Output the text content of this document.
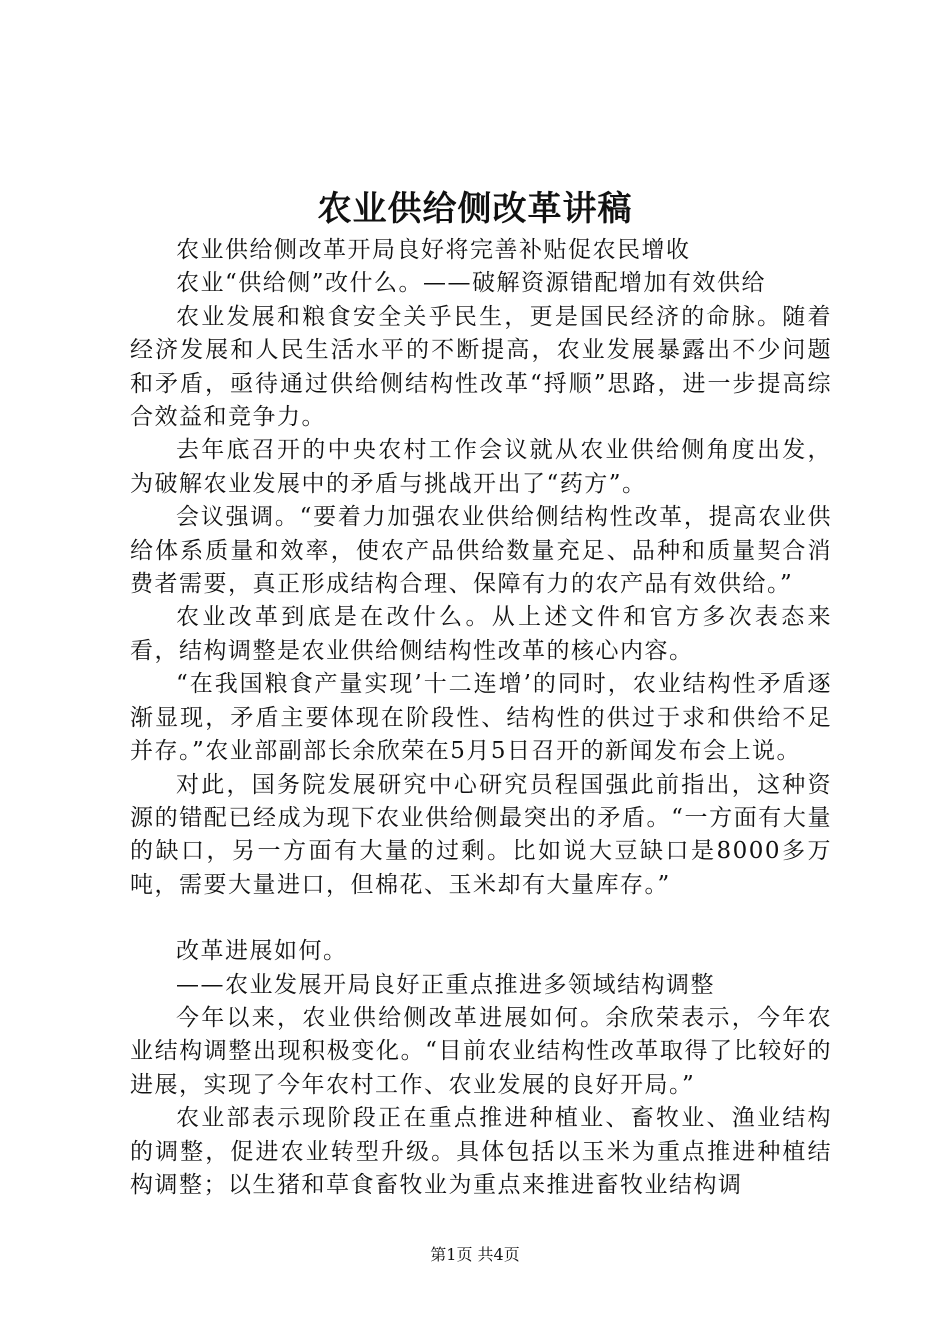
农业供给侧改革讲稿

农业供给侧改革开局良好将完善补贴促农民增收

农业“供给侧”改什么。——破解资源错配增加有效供给

农业发展和粮食安全关乎民生，更是国民经济的命脉。随着经济发展和人民生活水平的不断提高，农业发展暴露出不少问题和矛盾，亟待通过供给侧结构性改革“捋顺”思路，进一步提高综合效益和竞争力。

去年底召开的中央农村工作会议就从农业供给侧角度出发，为破解农业发展中的矛盾与挑战开出了“药方”。

会议强调。“要着力加强农业供给侧结构性改革，提高农业供给体系质量和效率，使农产品供给数量充足、品种和质量契合消费者需要，真正形成结构合理、保障有力的农产品有效供给。”

农业改革到底是在改什么。从上述文件和官方多次表态来看，结构调整是农业供给侧结构性改革的核心内容。

“在我国粮食产量实现’十二连增’的同时，农业结构性矛盾逐渐显现，矛盾主要体现在阶段性、结构性的供过于求和供给不足并存。”农业部副部长余欣荣在5月5日召开的新闻发布会上说。

对此，国务院发展研究中心研究员程国强此前指出，这种资源的错配已经成为现下农业供给侧最突出的矛盾。“一方面有大量的缺口，另一方面有大量的过剩。比如说大豆缺口是8000多万吨，需要大量进口，但棉花、玉米却有大量库存。”

改革进展如何。

——农业发展开局良好正重点推进多领域结构调整

今年以来，农业供给侧改革进展如何。余欣荣表示，今年农业结构调整出现积极变化。“目前农业结构性改革取得了比较好的进展，实现了今年农村工作、农业发展的良好开局。”

农业部表示现阶段正在重点推进种植业、畜牧业、渔业结构的调整，促进农业转型升级。具体包括以玉米为重点推进种植结构调整；以生猪和草食畜牧业为重点来推进畜牧业结构调

第1页 共4页
